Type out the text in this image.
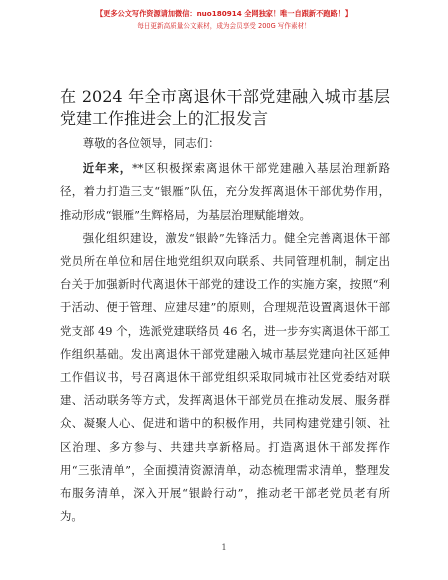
【更多公文写作资源请加微信：nuo180914 全网独家！唯一自跟新不跑路！】
每日更新高质量公文素材，成为会员享受 200G 写作素材！
在 2024 年全市离退休干部党建融入城市基层党建工作推进会上的汇报发言

尊敬的各位领导，同志们：

近年来，**区积极探索离退休干部党建融入基层治理新路径，着力打造三支“银雁”队伍，充分发挥离退休干部优势作用，推动形成“银雁”生辉格局，为基层治理赋能增效。

强化组织建设，激发“银龄”先锋活力。健全完善离退休干部党员所在单位和居住地党组织双向联系、共同管理机制，制定出台关于加强新时代离退休干部党的建设工作的实施方案，按照“利于活动、便于管理、应建尽建”的原则，合理规范设置离退休干部党支部 49 个，选派党建联络员 46 名，进一步夯实离退休干部工作组织基础。发出离退休干部党建融入城市基层党建向社区延伸工作倡议书，号召离退休干部党组织采取同城市社区党委结对联建、活动联务等方式，发挥离退休干部党员在推动发展、服务群众、凝聚人心、促进和谐中的积极作用，共同构建党建引领、社区治理、多方参与、共建共享新格局。打造离退休干部发挥作用“三张清单”，全面摸清资源清单，动态梳理需求清单，整理发布服务清单，深入开展“银龄行动”，推动老干部老党员老有所为。

1
